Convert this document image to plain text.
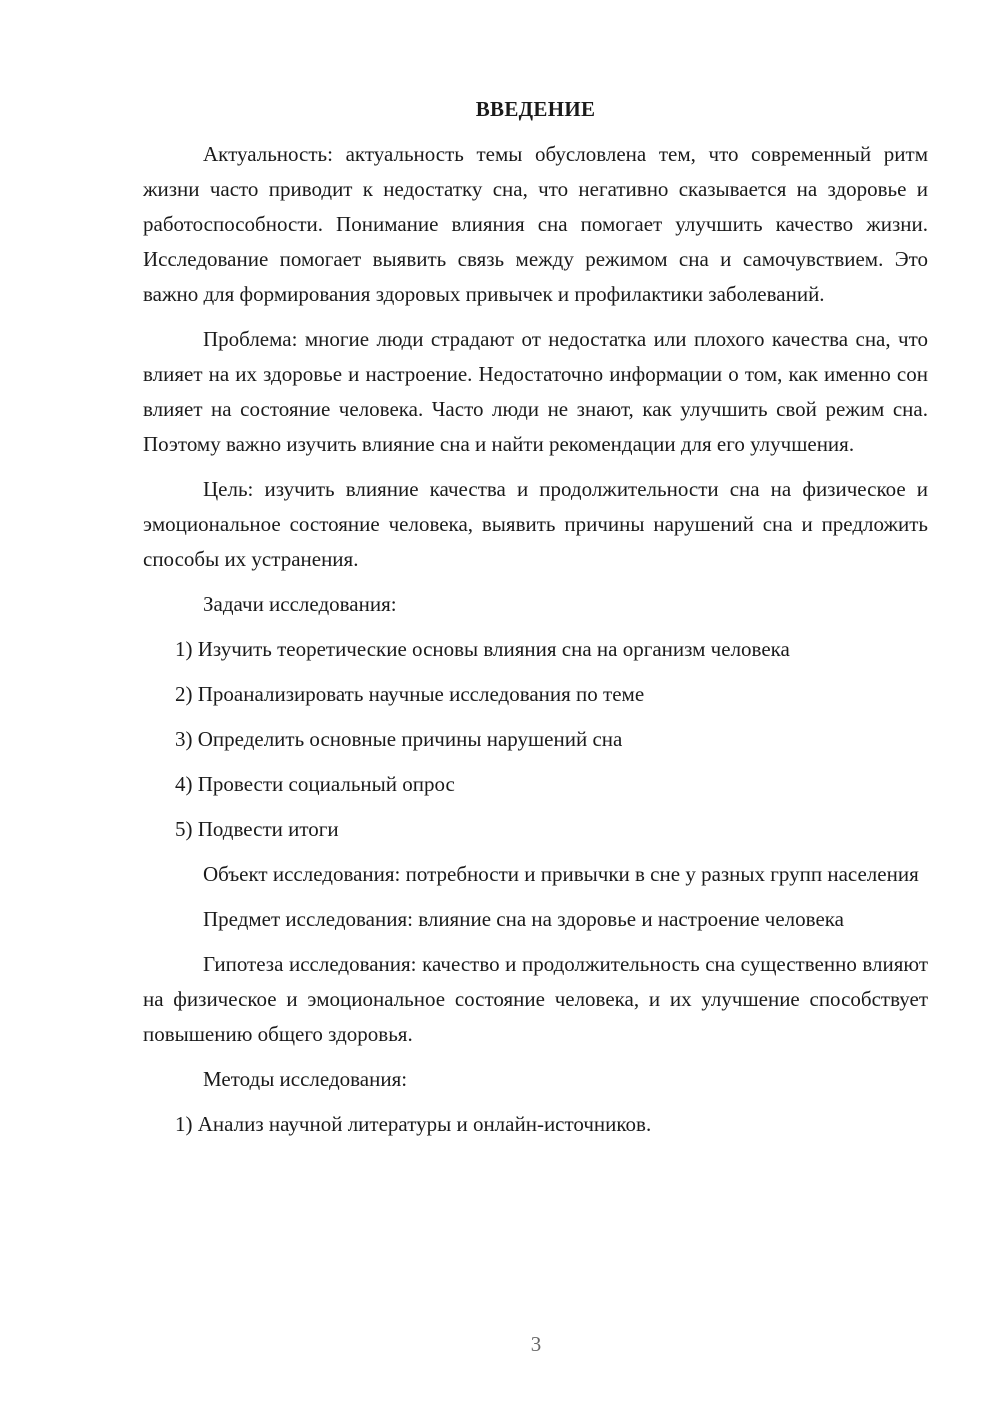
ВВЕДЕНИЕ

Актуальность: актуальность темы обусловлена тем, что современный ритм жизни часто приводит к недостатку сна, что негативно сказывается на здоровье и работоспособности. Понимание влияния сна помогает улучшить качество жизни. Исследование помогает выявить связь между режимом сна и самочувствием. Это важно для формирования здоровых привычек и профилактики заболеваний.

Проблема: многие люди страдают от недостатка или плохого качества сна, что влияет на их здоровье и настроение. Недостаточно информации о том, как именно сон влияет на состояние человека. Часто люди не знают, как улучшить свой режим сна. Поэтому важно изучить влияние сна и найти рекомендации для его улучшения.

Цель: изучить влияние качества и продолжительности сна на физическое и эмоциональное состояние человека, выявить причины нарушений сна и предложить способы их устранения.

Задачи исследования:

1) Изучить теоретические основы влияния сна на организм человека

2) Проанализировать научные исследования по теме

3) Определить основные причины нарушений сна

4) Провести социальный опрос

5) Подвести итоги

Объект исследования: потребности и привычки в сне у разных групп населения

Предмет исследования: влияние сна на здоровье и настроение человека

Гипотеза исследования: качество и продолжительность сна существенно влияют на физическое и эмоциональное состояние человека, и их улучшение способствует повышению общего здоровья.

Методы исследования:

1) Анализ научной литературы и онлайн-источников.

3
